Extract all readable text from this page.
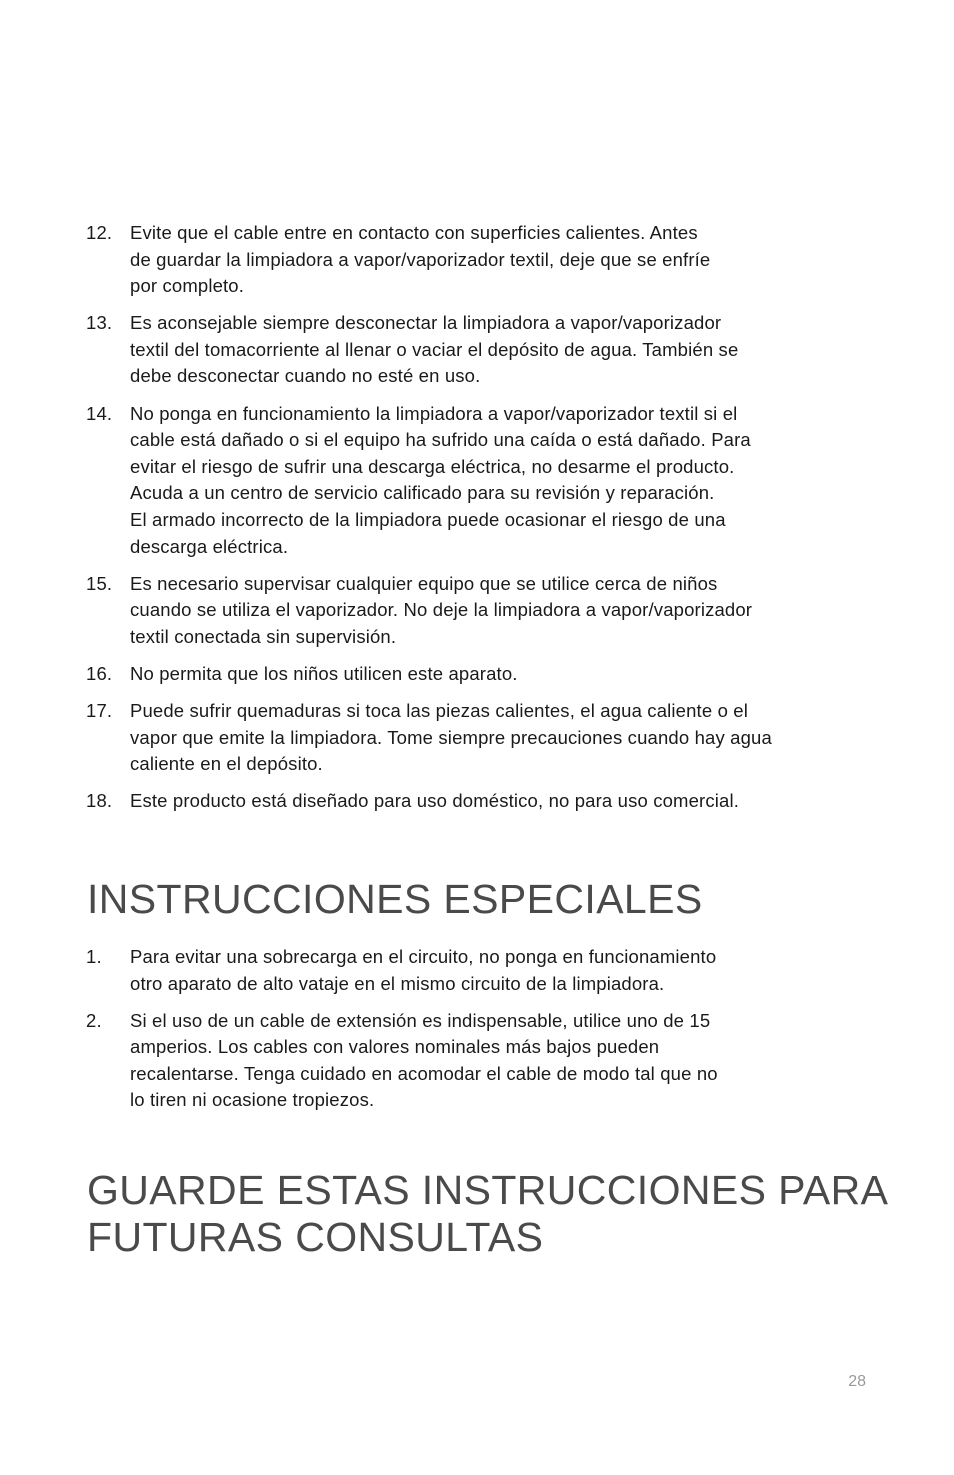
12. Evite que el cable entre en contacto con superficies calientes. Antes
de guardar la limpiadora a vapor/vaporizador textil, deje que se enfríe
por completo.
13. Es aconsejable siempre desconectar la limpiadora a vapor/vaporizador
textil del tomacorriente al llenar o vaciar el depósito de agua. También se
debe desconectar cuando no esté en uso.
14. No ponga en funcionamiento la limpiadora a vapor/vaporizador textil si el
cable está dañado o si el equipo ha sufrido una caída o está dañado. Para
evitar el riesgo de sufrir una descarga eléctrica, no desarme el producto.
Acuda a un centro de servicio calificado para su revisión y reparación.
El armado incorrecto de la limpiadora puede ocasionar el riesgo de una
descarga eléctrica.
15. Es necesario supervisar cualquier equipo que se utilice cerca de niños
cuando se utiliza el vaporizador. No deje la limpiadora a vapor/vaporizador
textil conectada sin supervisión.
16. No permita que los niños utilicen este aparato.
17. Puede sufrir quemaduras si toca las piezas calientes, el agua caliente o el
vapor que emite la limpiadora. Tome siempre precauciones cuando hay agua
caliente en el depósito.
18. Este producto está diseñado para uso doméstico, no para uso comercial.
INSTRUCCIONES ESPECIALES
1.	Para evitar una sobrecarga en el circuito, no ponga en funcionamiento
otro aparato de alto vataje en el mismo circuito de la limpiadora.
2.	Si el uso de un cable de extensión es indispensable, utilice uno de 15
amperios. Los cables con valores nominales más bajos pueden
recalentarse. Tenga cuidado en acomodar el cable de modo tal que no
lo tiren ni ocasione tropiezos.
GUARDE ESTAS INSTRUCCIONES PARA
FUTURAS CONSULTAS
28
